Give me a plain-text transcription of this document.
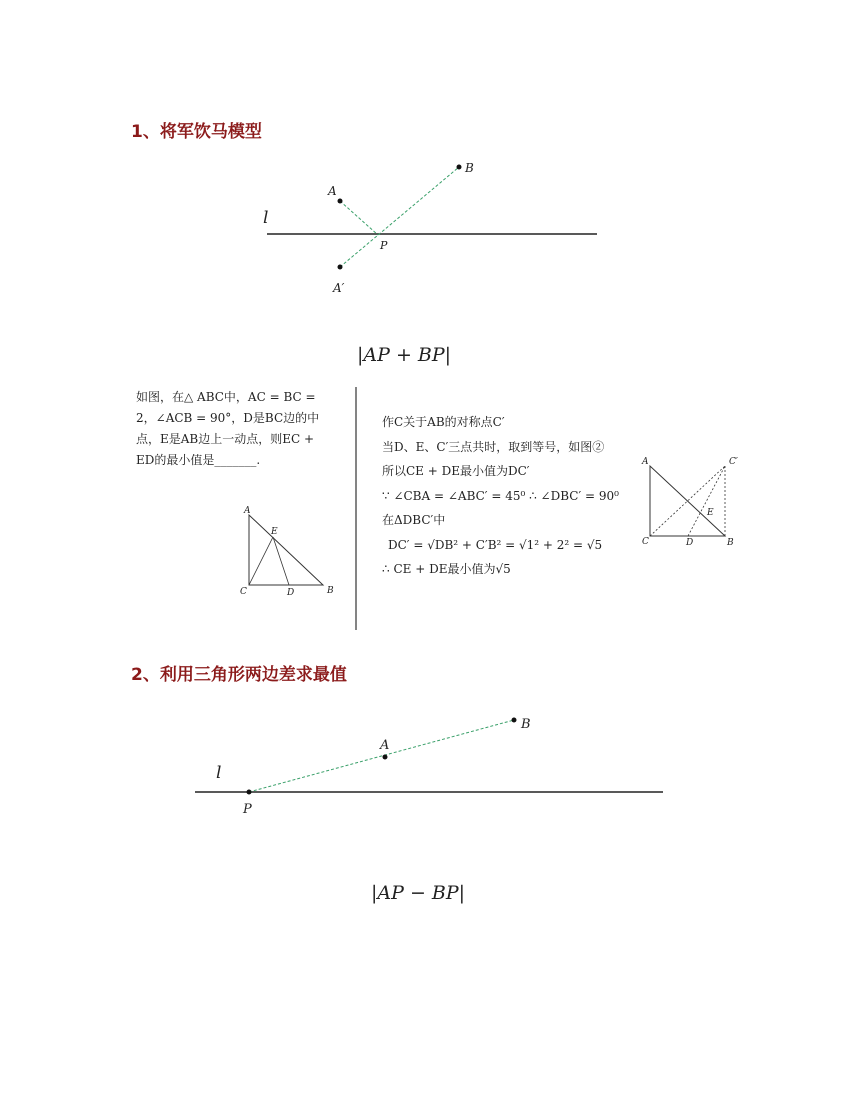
1、将军饮马模型
l
A
B
P
A′
|AP + BP|
如图，在△ ABC中，AC = BC =
2，∠ACB = 90°，D是BC边的中
点，E是AB边上一动点，则EC +
ED的最小值是_______.
A
E
C	D	B
作C关于AB的对称点C′
当D、E、C′三点共时，取到等号，如图②
所以CE + DE最小值为DC′
∵ ∠CBA = ∠ABC′ = 45⁰ ∴ ∠DBC′ = 90⁰
在ΔDBC′中
DC′ = √DB² + C′B² = √1² + 2² = √5
∴ CE + DE最小值为√5
A	C′
E
C	D	B
2、利用三角形两边差求最值
l
A
B
P
|AP − BP|
